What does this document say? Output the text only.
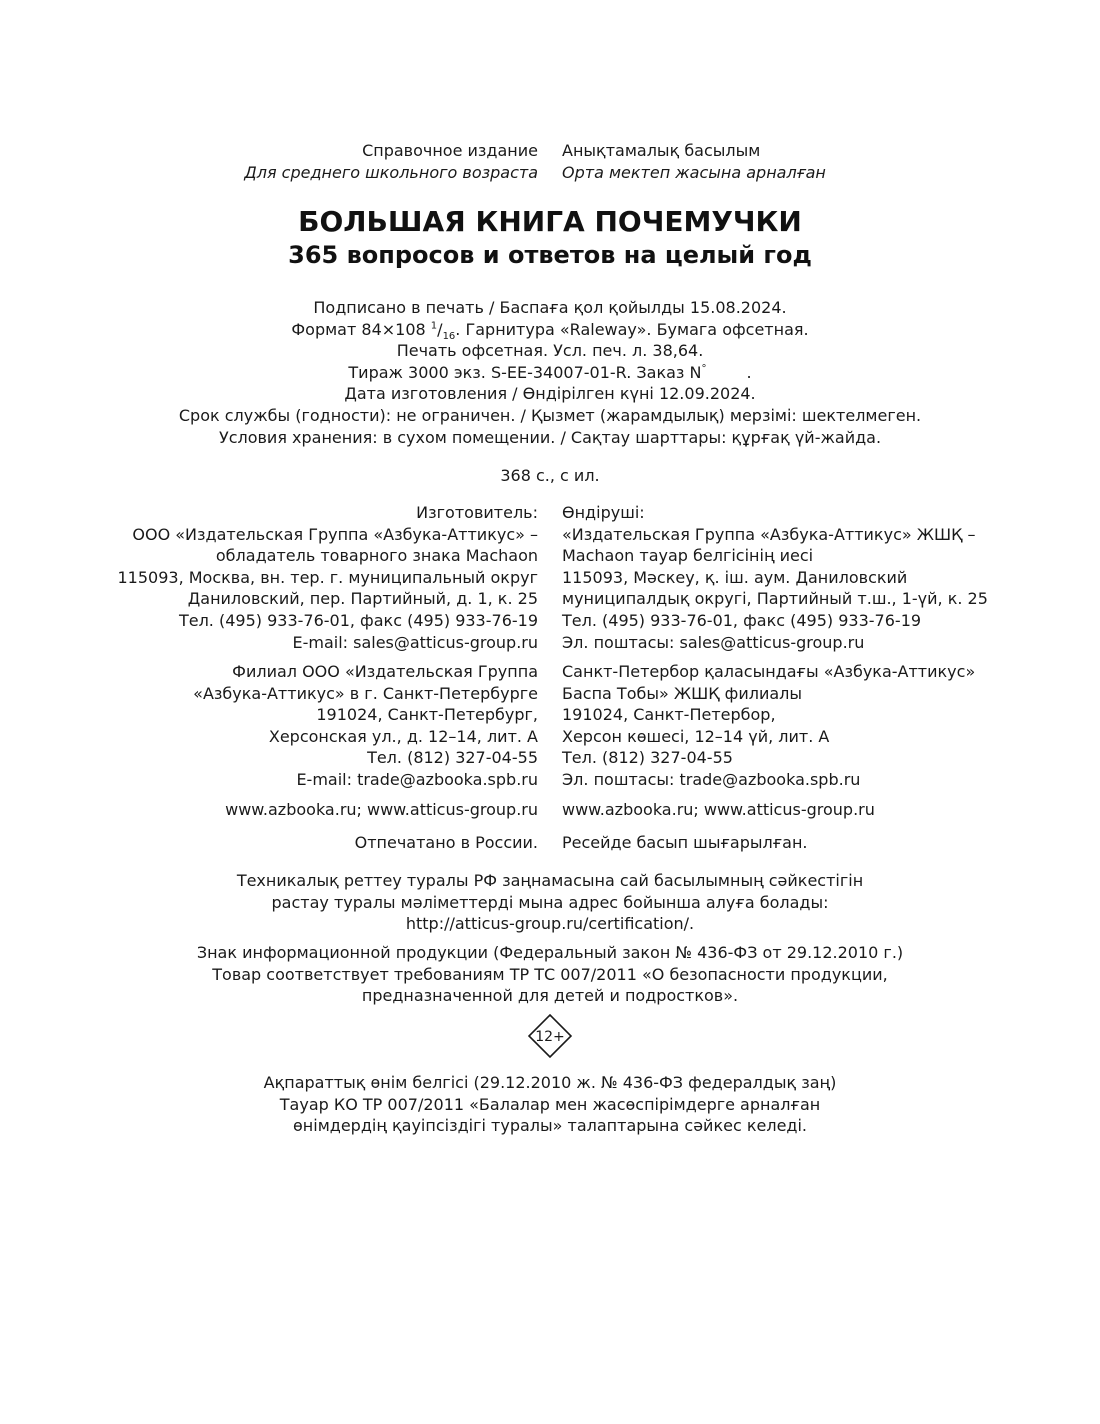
Справочное издание
Для среднего школьного возраста
Анықтамалық басылым
Орта мектеп жасына арналған
БОЛЬШАЯ КНИГА ПОЧЕМУЧКИ
365 вопросов и ответов на целый год
Подписано в печать / Баспаға қол қойылды 15.08.2024.
Формат 84×108 $^1/_{16}$. Гарнитура «Raleway». Бумага офсетная.
Печать офсетная. Усл. печ. л. 38,64.
Тираж 3000 экз. S-EE-34007-01-R. Заказ N°	.
Дата изготовления / Өндірілген күні 12.09.2024.
Срок службы (годности): не ограничен. / Қызмет (жарамдылық) мерзімі: шектелмеген.
Условия хранения: в сухом помещении. / Сақтау шарттары: құрғақ үй-жайда.
368 с., с ил.
Изготовитель:
ООО «Издательская Группа «Азбука-Аттикус» –
обладатель товарного знака Machaon
115093, Москва, вн. тер. г. муниципальный округ
Даниловский, пер. Партийный, д. 1, к. 25
Тел. (495) 933-76-01, факс (495) 933-76-19
E-mail: sales@atticus-group.ru
Өндіруші:
«Издательская Группа «Азбука-Аттикус» ЖШҚ –
Machaon тауар белгісінің иесі
115093, Мәскеу, қ. іш. аум. Даниловский
муниципалдық округі, Партийный т.ш., 1-үй, к. 25
Тел. (495) 933-76-01, факс (495) 933-76-19
Эл. поштасы: sales@atticus-group.ru
Филиал ООО «Издательская Группа
«Азбука-Аттикус» в г. Санкт-Петербурге
191024, Санкт-Петербург,
Херсонская ул., д. 12–14, лит. А
Тел. (812) 327-04-55
E-mail: trade@azbooka.spb.ru
Санкт-Петербор қаласындағы «Азбука-Аттикус»
Баспа Тобы» ЖШҚ филиалы
191024, Санкт-Петербор,
Херсон көшесі, 12–14 үй, лит. А
Тел. (812) 327-04-55
Эл. поштасы: trade@azbooka.spb.ru
www.azbooka.ru; www.atticus-group.ru www.azbooka.ru; www.atticus-group.ru
Отпечатано в России. Ресейде басып шығарылған.
Техникалық реттеу туралы РФ заңнамасына сай басылымның сәйкестігін
растау туралы мәліметтерді мына адрес бойынша алуға болады:
http://atticus-group.ru/certification/.
Знак информационной продукции (Федеральный закон № 436-ФЗ от 29.12.2010 г.)
Товар соответствует требованиям ТР ТС 007/2011 «О безопасности продукции,
предназначенной для детей и подростков».
12+
Ақпараттық өнім белгісі (29.12.2010 ж. № 436-ФЗ федералдық заң)
Тауар КО ТР 007/2011 «Балалар мен жасөспірімдерге арналған
өнімдердің қауіпсіздігі туралы» талаптарына сәйкес келеді.
